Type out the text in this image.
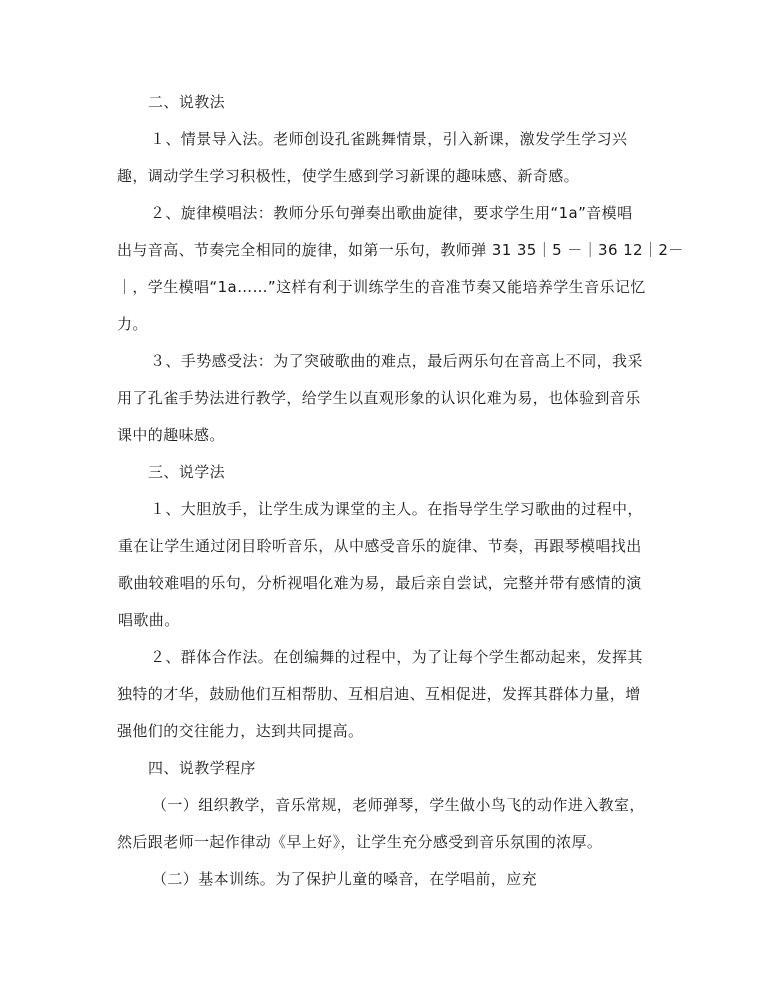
二、说教法
１、情景导入法。老师创设孔雀跳舞情景，引入新课，激发学生学习兴
趣，调动学生学习积极性，使学生感到学习新课的趣味感、新奇感。
２、旋律模唱法：教师分乐句弹奏出歌曲旋律，要求学生用“1a”音模唱
出与音高、节奏完全相同的旋律，如第一乐句，教师弹 31 35｜5 －｜36 12｜2－
｜，学生模唱“1a……”这样有利于训练学生的音准节奏又能培养学生音乐记忆
力。
３、手势感受法：为了突破歌曲的难点，最后两乐句在音高上不同，我采
用了孔雀手势法进行教学，给学生以直观形象的认识化难为易，也体验到音乐
课中的趣味感。
三、说学法
１、大胆放手，让学生成为课堂的主人。在指导学生学习歌曲的过程中，
重在让学生通过闭目聆听音乐，从中感受音乐的旋律、节奏，再跟琴模唱找出
歌曲较难唱的乐句，分析视唱化难为易，最后亲自尝试，完整并带有感情的演
唱歌曲。
２、群体合作法。在创编舞的过程中，为了让每个学生都动起来，发挥其
独特的才华，鼓励他们互相帮肋、互相启迪、互相促进，发挥其群体力量，增
强他们的交往能力，达到共同提高。
四、说教学程序
（一）组织教学，音乐常规，老师弹琴，学生做小鸟飞的动作进入教室，
然后跟老师一起作律动《早上好》，让学生充分感受到音乐氛围的浓厚。
（二）基本训练。为了保护儿童的嗓音，在学唱前，应充
